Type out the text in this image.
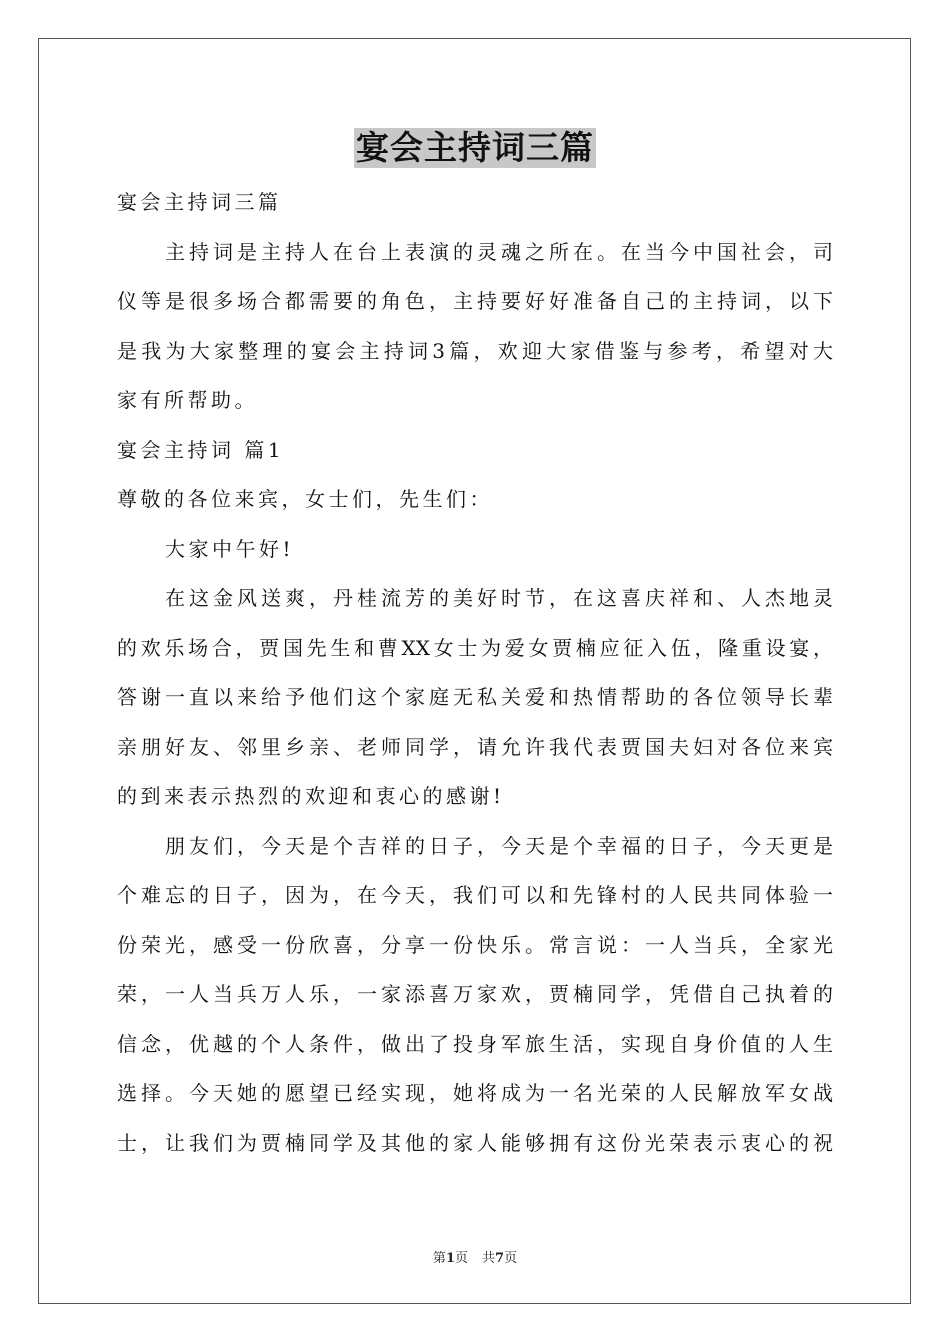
宴会主持词三篇
宴会主持词三篇
主持词是主持人在台上表演的灵魂之所在。在当今中国社会，司
仪等是很多场合都需要的角色，主持要好好准备自己的主持词，以下
是我为大家整理的宴会主持词3篇，欢迎大家借鉴与参考，希望对大
家有所帮助。
宴会主持词 篇1
尊敬的各位来宾，女士们，先生们：
大家中午好!
在这金风送爽，丹桂流芳的美好时节，在这喜庆祥和、人杰地灵
的欢乐场合，贾国先生和曹XX女士为爱女贾楠应征入伍，隆重设宴，
答谢一直以来给予他们这个家庭无私关爱和热情帮助的各位领导长辈
亲朋好友、邻里乡亲、老师同学，请允许我代表贾国夫妇对各位来宾
的到来表示热烈的欢迎和衷心的感谢!
朋友们，今天是个吉祥的日子，今天是个幸福的日子，今天更是
个难忘的日子，因为，在今天，我们可以和先锋村的人民共同体验一
份荣光，感受一份欣喜，分享一份快乐。常言说：一人当兵，全家光
荣，一人当兵万人乐，一家添喜万家欢，贾楠同学，凭借自己执着的
信念，优越的个人条件，做出了投身军旅生活，实现自身价值的人生
选择。今天她的愿望已经实现，她将成为一名光荣的人民解放军女战
士，让我们为贾楠同学及其他的家人能够拥有这份光荣表示衷心的祝
第1页 共7页
